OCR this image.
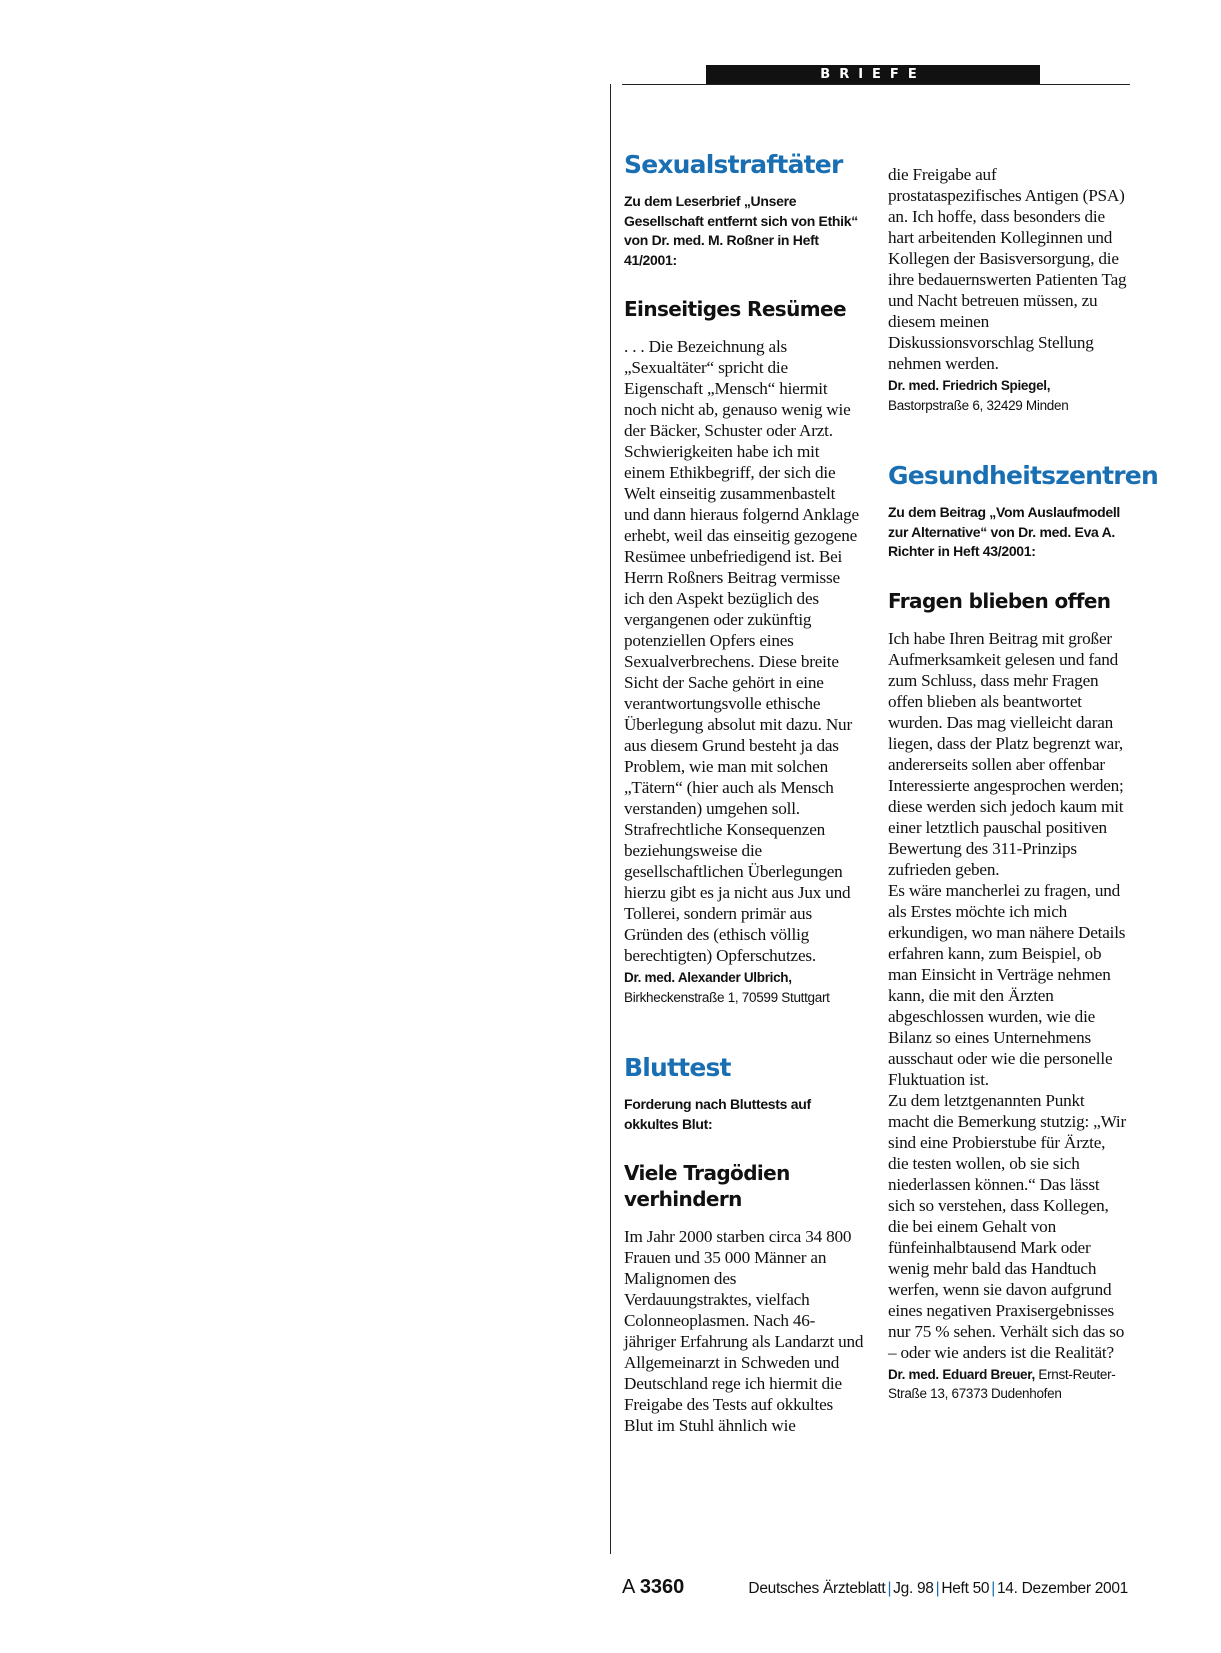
BRIEFE
Sexualstraftäter

Zu dem Leserbrief „Unsere Gesellschaft entfernt sich von Ethik“ von Dr. med. M. Roßner in Heft 41/2001:

Einseitiges Resümee

. . . Die Bezeichnung als „Sexualtäter“ spricht die Eigenschaft „Mensch“ hiermit noch nicht ab, genauso wenig wie der Bäcker, Schuster oder Arzt. Schwierigkeiten habe ich mit einem Ethikbegriff, der sich die Welt einseitig zusammenbastelt und dann hieraus folgernd Anklage erhebt, weil das einseitig gezogene Resümee unbefriedigend ist. Bei Herrn Roßners Beitrag vermisse ich den Aspekt bezüglich des vergangenen oder zukünftig potenziellen Opfers eines Sexualverbrechens. Diese breite Sicht der Sache gehört in eine verantwortungsvolle ethische Überlegung absolut mit dazu. Nur aus diesem Grund besteht ja das Problem, wie man mit solchen „Tätern“ (hier auch als Mensch verstanden) umgehen soll. Strafrechtliche Konsequenzen beziehungsweise die gesellschaftlichen Überlegungen hierzu gibt es ja nicht aus Jux und Tollerei, sondern primär aus Gründen des (ethisch völlig berechtigten) Opferschutzes.

Dr. med. Alexander Ulbrich,
Birkheckenstraße 1, 70599 Stuttgart

Bluttest

Forderung nach Bluttests auf okkultes Blut:

Viele Tragödien verhindern

Im Jahr 2000 starben circa 34 800 Frauen und 35 000 Männer an Malignomen des Verdauungstraktes, vielfach Colonneoplasmen. Nach 46-jähriger Erfahrung als Landarzt und Allgemeinarzt in Schweden und Deutschland rege ich hiermit die Freigabe des Tests auf okkultes Blut im Stuhl ähnlich wie

die Freigabe auf prostataspezifisches Antigen (PSA) an. Ich hoffe, dass besonders die hart arbeitenden Kolleginnen und Kollegen der Basisversorgung, die ihre bedauernswerten Patienten Tag und Nacht betreuen müssen, zu diesem meinen Diskussionsvorschlag Stellung nehmen werden.

Dr. med. Friedrich Spiegel,
Bastorpstraße 6, 32429 Minden

Gesundheitszentren

Zu dem Beitrag „Vom Auslaufmodell zur Alternative“ von Dr. med. Eva A. Richter in Heft 43/2001:

Fragen blieben offen

Ich habe Ihren Beitrag mit großer Aufmerksamkeit gelesen und fand zum Schluss, dass mehr Fragen offen blieben als beantwortet wurden. Das mag vielleicht daran liegen, dass der Platz begrenzt war, andererseits sollen aber offenbar Interessierte angesprochen werden; diese werden sich jedoch kaum mit einer letztlich pauschal positiven Bewertung des 311-Prinzips zufrieden geben.

Es wäre mancherlei zu fragen, und als Erstes möchte ich mich erkundigen, wo man nähere Details erfahren kann, zum Beispiel, ob man Einsicht in Verträge nehmen kann, die mit den Ärzten abgeschlossen wurden, wie die Bilanz so eines Unternehmens ausschaut oder wie die personelle Fluktuation ist.

Zu dem letztgenannten Punkt macht die Bemerkung stutzig: „Wir sind eine Probierstube für Ärzte, die testen wollen, ob sie sich niederlassen können.“ Das lässt sich so verstehen, dass Kollegen, die bei einem Gehalt von fünfeinhalbtausend Mark oder wenig mehr bald das Handtuch werfen, wenn sie davon aufgrund eines negativen Praxisergebnisses nur 75 % sehen. Verhält sich das so – oder wie anders ist die Realität?

Dr. med. Eduard Breuer, Ernst-Reuter-Straße 13, 67373 Dudenhofen

A 3360	Deutsches Ärzteblatt | Jg. 98 | Heft 50 | 14. Dezember 2001
